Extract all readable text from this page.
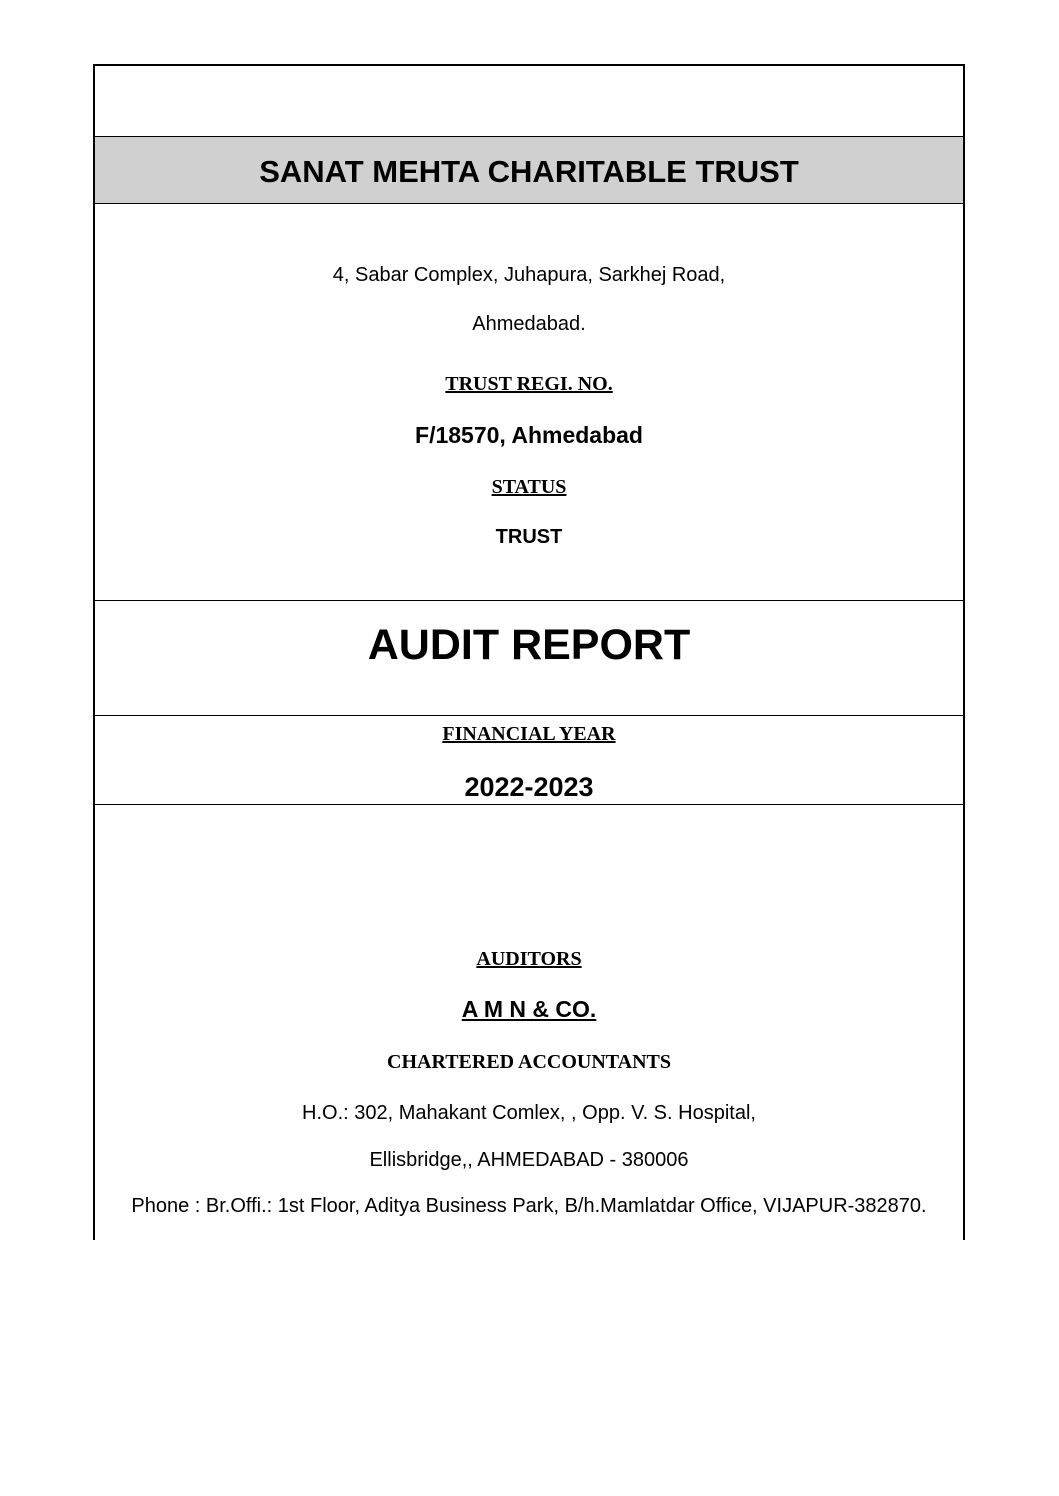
SANAT MEHTA CHARITABLE TRUST
4, Sabar Complex, Juhapura, Sarkhej Road,
Ahmedabad.
TRUST REGI. NO.
F/18570, Ahmedabad
STATUS
TRUST
AUDIT REPORT
FINANCIAL YEAR
2022-2023
AUDITORS
A M N & CO.
CHARTERED ACCOUNTANTS
H.O.: 302, Mahakant Comlex, , Opp. V. S. Hospital,
Ellisbridge,, AHMEDABAD - 380006
Phone : Br.Offi.: 1st Floor, Aditya Business Park, B/h.Mamlatdar Office, VIJAPUR-382870.
